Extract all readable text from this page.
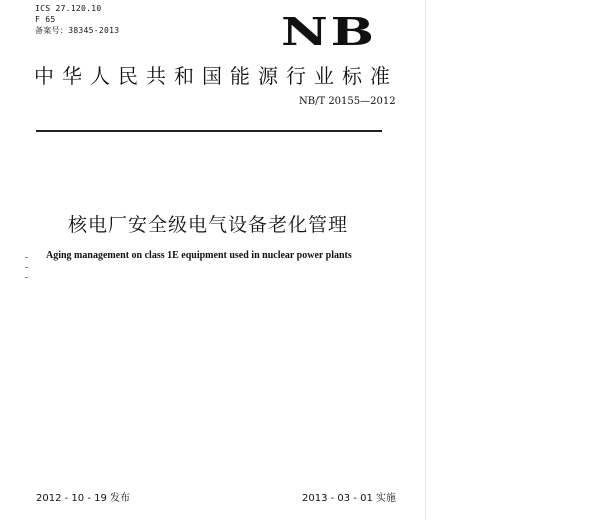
ICS 27.120.10
F 65
备案号：38345-2013	NB
中华人民共和国能源行业标准
NB/T 20155—2012
核电厂安全级电气设备老化管理
Aging management on class 1E equipment used in nuclear power plants
2012 - 10 - 19 发布	2013 - 03 - 01 实施
